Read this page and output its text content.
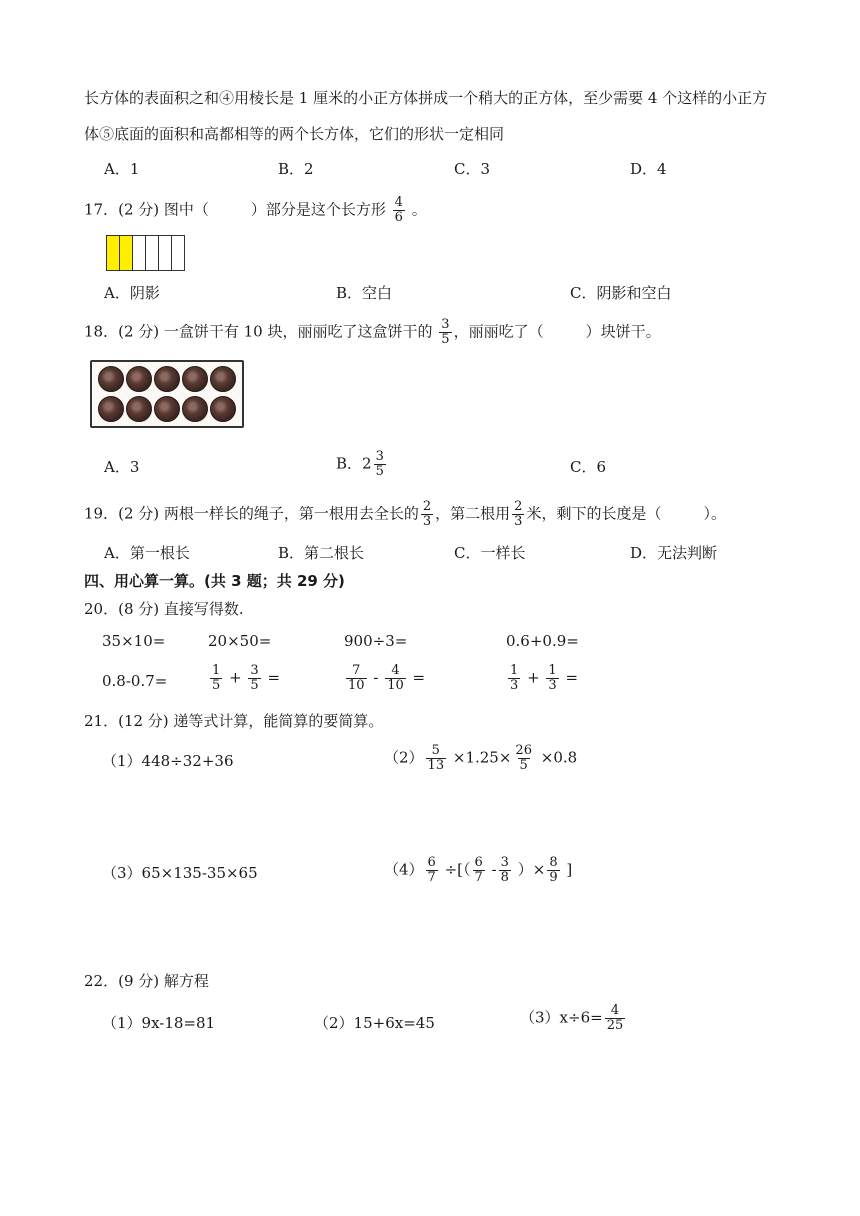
长方体的表面积之和④用棱长是 1 厘米的小正方体拼成一个稍大的正方体，至少需要 4 个这样的小正方
体⑤底面的面积和高都相等的两个长方体，它们的形状一定相同
A．1	B．2	C．3	D．4
17．(2 分) 图中（	）部分是这个长方形 $\frac{4}{6}$ 。
A．阴影	B．空白	C．阴影和空白
18．(2 分) 一盒饼干有 10 块，丽丽吃了这盒饼干的 $\frac{3}{5}$ ，丽丽吃了（	）块饼干。
A．3	B．$2 \frac{3}{5}$	C．6
19．(2 分) 两根一样长的绳子，第一根用去全长的 $\frac{2}{3}$ ，第二根用 $\frac{2}{3}$ 米，剩下的长度是（	）。
A．第一根长	B．第二根长	C．一样长	D．无法判断
四、用心算一算。(共 3 题；共 29 分)
20．(8 分) 直接写得数.
35×10=	20×50=	900÷3=	0.6+0.9=
0.8-0.7=	$\frac{1}{5} + \frac{3}{5}$ =	$\frac{7}{10} - \frac{4}{10}$ =	$\frac{1}{3} + \frac{1}{3}$ =
21．(12 分) 递等式计算，能简算的要简算。
（1）448÷32+36	$(2) \frac{5}{13} \times 1.25\times \frac{26}{5} \times 0.8$
（3）65×135-35×65	$(4) \frac{6}{7}$ ÷[（ $\frac{6}{7} - \frac{3}{8}$ ）× $\frac{8}{9}$ ]
22．(9 分) 解方程
（1）9x-18=81	（2）15+6x=45	$(3)x\div 6= \frac{4}{25}$
